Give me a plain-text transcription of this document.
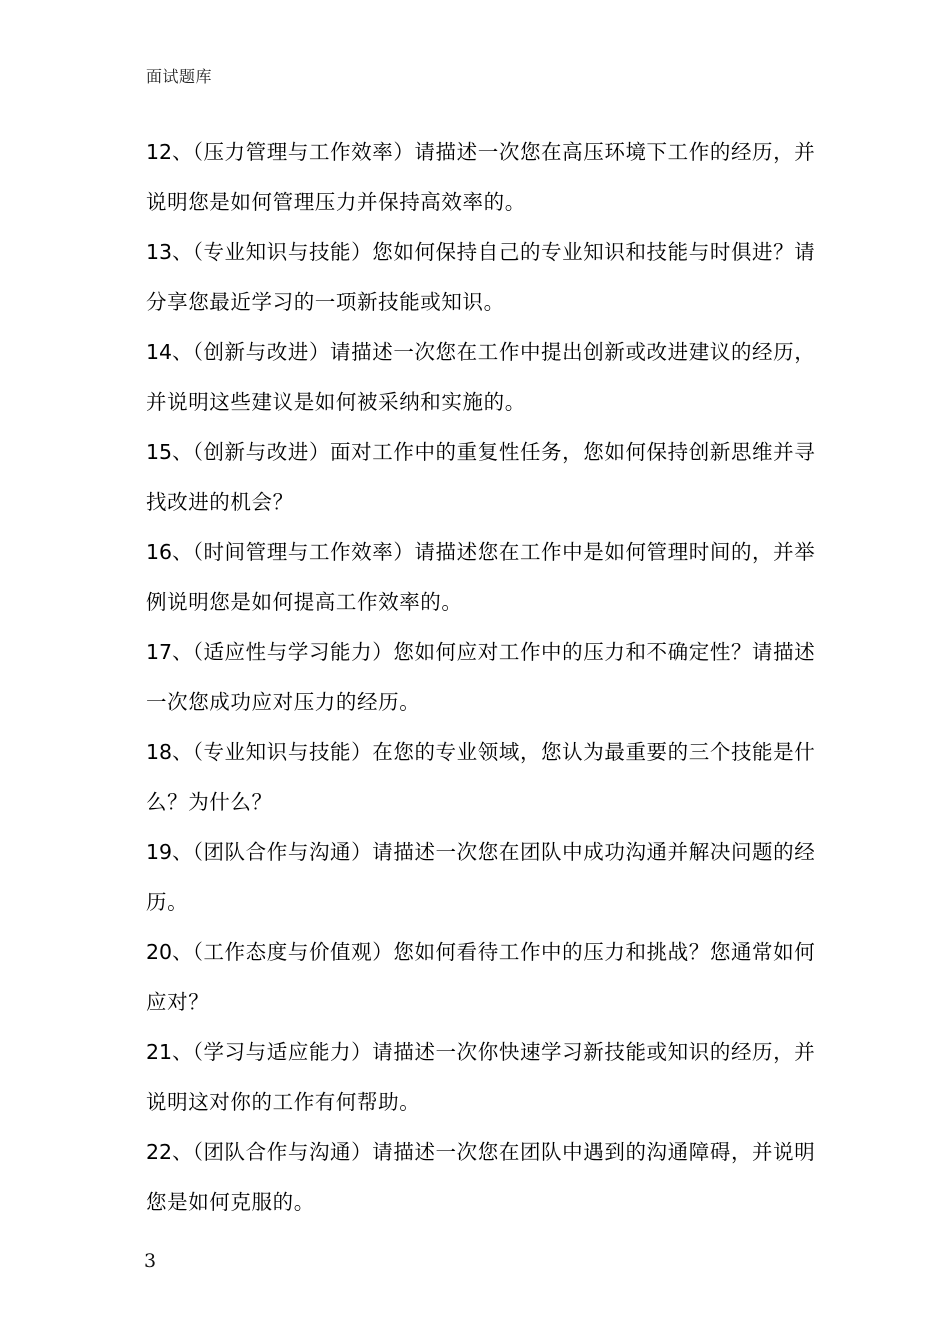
面试题库
12、（压力管理与工作效率）请描述一次您在高压环境下工作的经历，并说明您是如何管理压力并保持高效率的。
13、（专业知识与技能）您如何保持自己的专业知识和技能与时俱进？请分享您最近学习的一项新技能或知识。
14、（创新与改进）请描述一次您在工作中提出创新或改进建议的经历，并说明这些建议是如何被采纳和实施的。
15、（创新与改进）面对工作中的重复性任务，您如何保持创新思维并寻找改进的机会？
16、（时间管理与工作效率）请描述您在工作中是如何管理时间的，并举例说明您是如何提高工作效率的。
17、（适应性与学习能力）您如何应对工作中的压力和不确定性？请描述一次您成功应对压力的经历。
18、（专业知识与技能）在您的专业领域，您认为最重要的三个技能是什么？为什么？
19、（团队合作与沟通）请描述一次您在团队中成功沟通并解决问题的经历。
20、（工作态度与价值观）您如何看待工作中的压力和挑战？您通常如何应对？
21、（学习与适应能力）请描述一次你快速学习新技能或知识的经历，并说明这对你的工作有何帮助。
22、（团队合作与沟通）请描述一次您在团队中遇到的沟通障碍，并说明您是如何克服的。
3
